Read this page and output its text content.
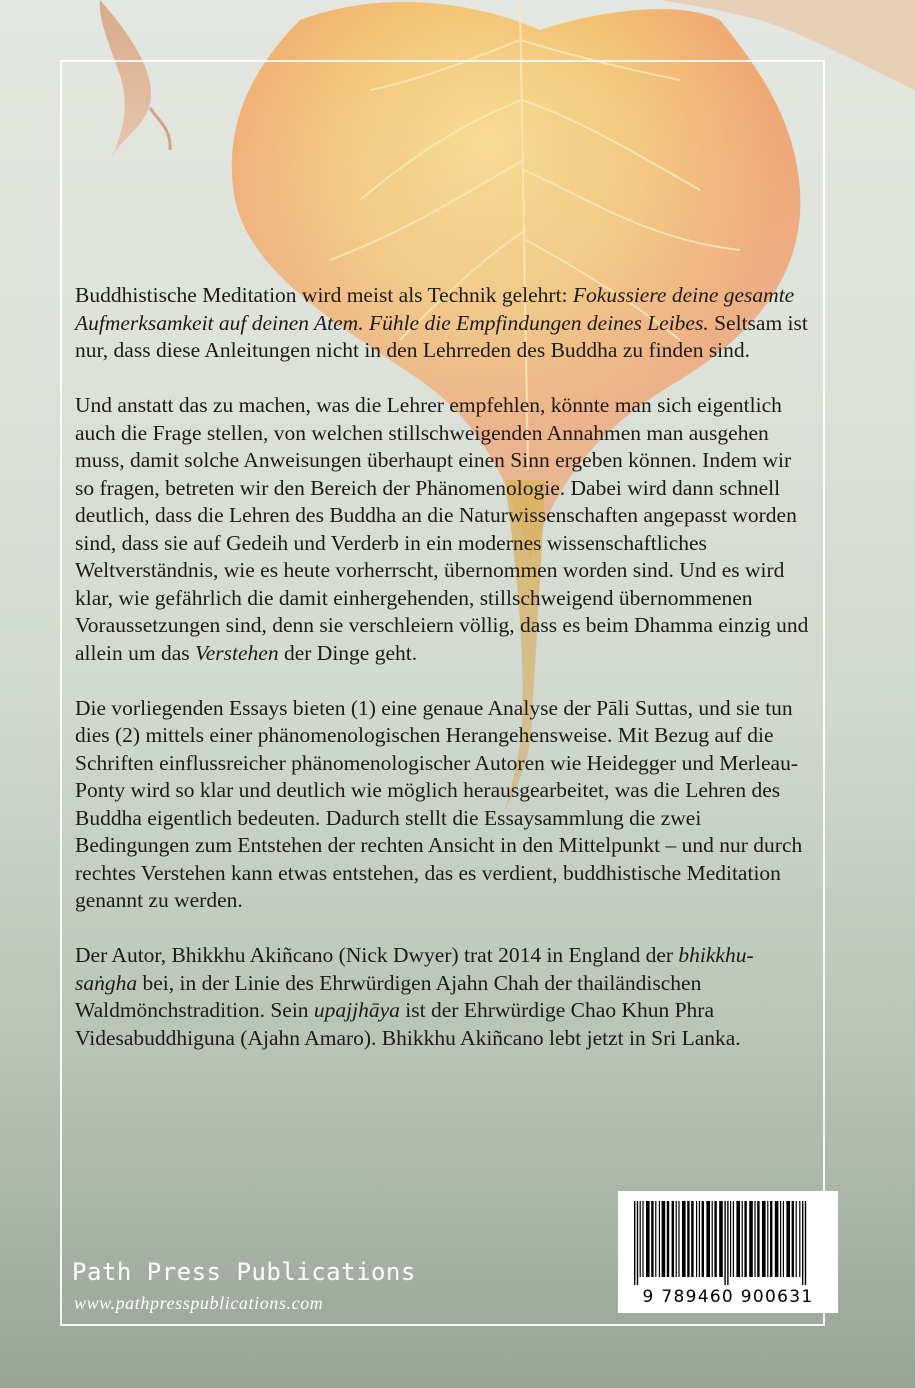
Buddhistische Meditation wird meist als Technik gelehrt: Fokussiere deine gesamte Aufmerksamkeit auf deinen Atem. Fühle die Empfindungen deines Leibes. Seltsam ist nur, dass diese Anleitungen nicht in den Lehrreden des Buddha zu finden sind.

Und anstatt das zu machen, was die Lehrer empfehlen, könnte man sich eigentlich auch die Frage stellen, von welchen stillschweigenden Annahmen man ausgehen muss, damit solche Anweisungen überhaupt einen Sinn ergeben können. Indem wir so fragen, betreten wir den Bereich der Phänomenologie. Dabei wird dann schnell deutlich, dass die Lehren des Buddha an die Naturwissenschaften angepasst worden sind, dass sie auf Gedeih und Verderb in ein modernes wissenschaftliches Weltverständnis, wie es heute vorherrscht, übernommen worden sind. Und es wird klar, wie gefährlich die damit einhergehenden, stillschweigend übernommenen Voraussetzungen sind, denn sie verschleiern völlig, dass es beim Dhamma einzig und allein um das Verstehen der Dinge geht.

Die vorliegenden Essays bieten (1) eine genaue Analyse der Pāli Suttas, und sie tun dies (2) mittels einer phänomenologischen Herangehensweise. Mit Bezug auf die Schriften einflussreicher phänomenologischer Autoren wie Heidegger und Merleau-Ponty wird so klar und deutlich wie möglich herausgearbeitet, was die Lehren des Buddha eigentlich bedeuten. Dadurch stellt die Essaysammlung die zwei Bedingungen zum Entstehen der rechten Ansicht in den Mittelpunkt – und nur durch rechtes Verstehen kann etwas entstehen, das es verdient, buddhistische Meditation genannt zu werden.

Der Autor, Bhikkhu Akiñcano (Nick Dwyer) trat 2014 in England der bhikkhu-saṅgha bei, in der Linie des Ehrwürdigen Ajahn Chah der thailändischen Waldmönchstradition. Sein upajjhāya ist der Ehrwürdige Chao Khun Phra Videsabuddhiguna (Ajahn Amaro). Bhikkhu Akiñcano lebt jetzt in Sri Lanka.

Path Press Publications
www.pathpresspublications.com	9 789460 900631
